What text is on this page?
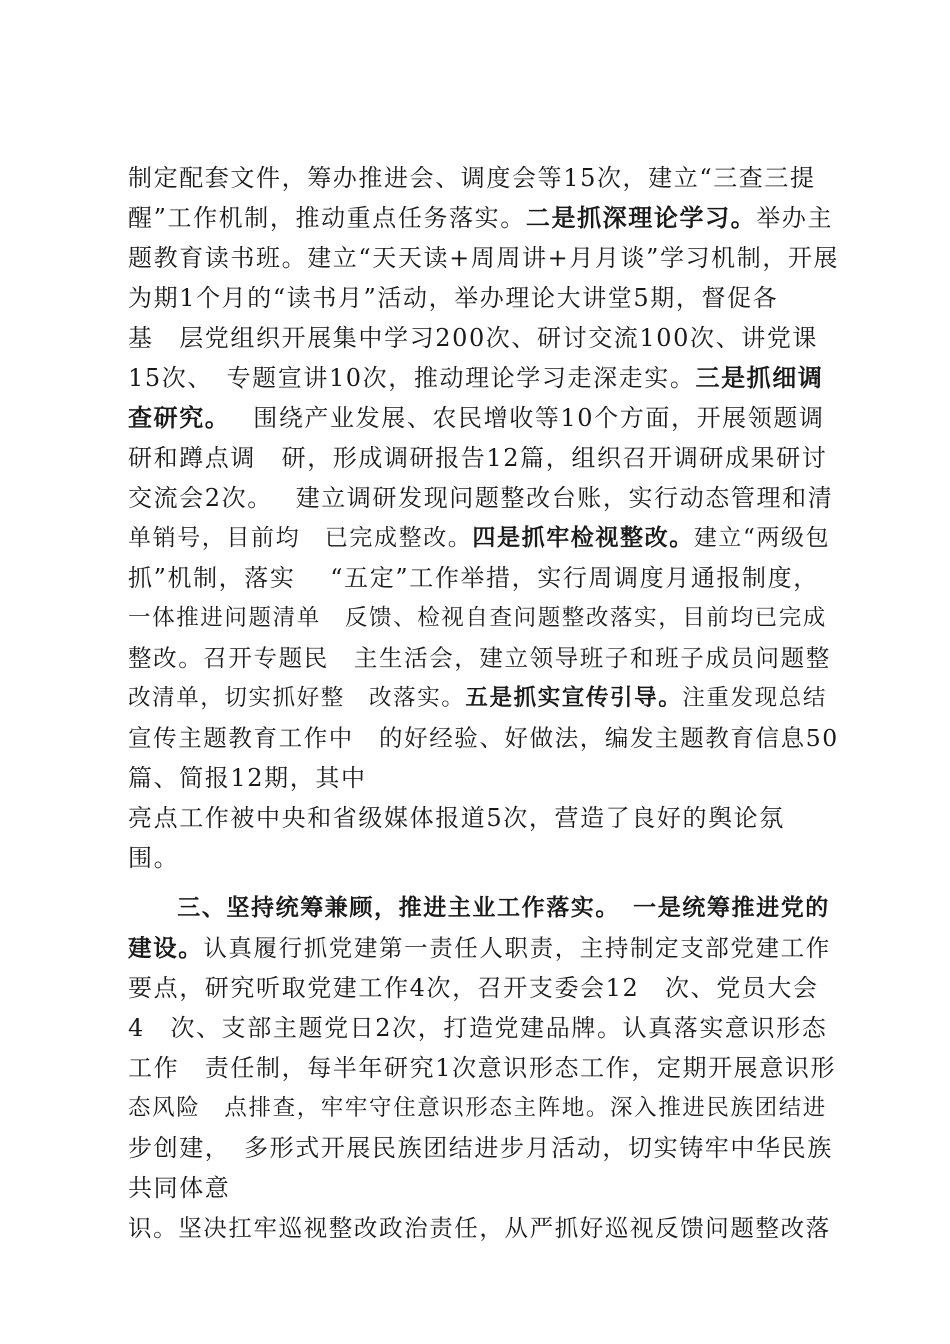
制定配套文件，筹办推进会、调度会等15次，建立“三查三提
醒”工作机制，推动重点任务落实。二是抓深理论学习。举办主
题教育读书班。建立“天天读+周周讲+月月谈”学习机制，开展
为期1个月的“读书月”活动，举办理论大讲堂5期，督促各
基　层党组织开展集中学习200次、研讨交流100次、讲党课
15次、　专题宣讲10次，推动理论学习走深走实。三是抓细调
查研究。　 围绕产业发展、农民增收等10个方面，开展领题调
研和蹲点调　研，形成调研报告12篇，组织召开调研成果研讨
交流会2次。　 建立调研发现问题整改台账，实行动态管理和清
单销号，目前均　已完成整改。四是抓牢检视整改。建立“两级包
抓”机制，落实　 “五定”工作举措，实行周调度月通报制度，
一体推进问题清单　反馈、检视自查问题整改落实，目前均已完成
整改。召开专题民　主生活会，建立领导班子和班子成员问题整
改清单，切实抓好整　改落实。五是抓实宣传引导。注重发现总结
宣传主题教育工作中　的好经验、好做法，编发主题教育信息50
篇、简报12期，其中
亮点工作被中央和省级媒体报道5次，营造了良好的舆论氛
围。
　　三、坚持统筹兼顾，推进主业工作落实。　 一是统筹推进党的
建设。认真履行抓党建第一责任人职责，主持制定支部党建工作
要点，研究听取党建工作4次，召开支委会12　次、党员大会
4　次、支部主题党日2次，打造党建品牌。认真落实意识形态
工作　责任制，每半年研究1次意识形态工作，定期开展意识形
态风险　点排查，牢牢守住意识形态主阵地。深入推进民族团结进
步创建，　多形式开展民族团结进步月活动，切实铸牢中华民族
共同体意
识。坚决扛牢巡视整改政治责任，从严抓好巡视反馈问题整改落
